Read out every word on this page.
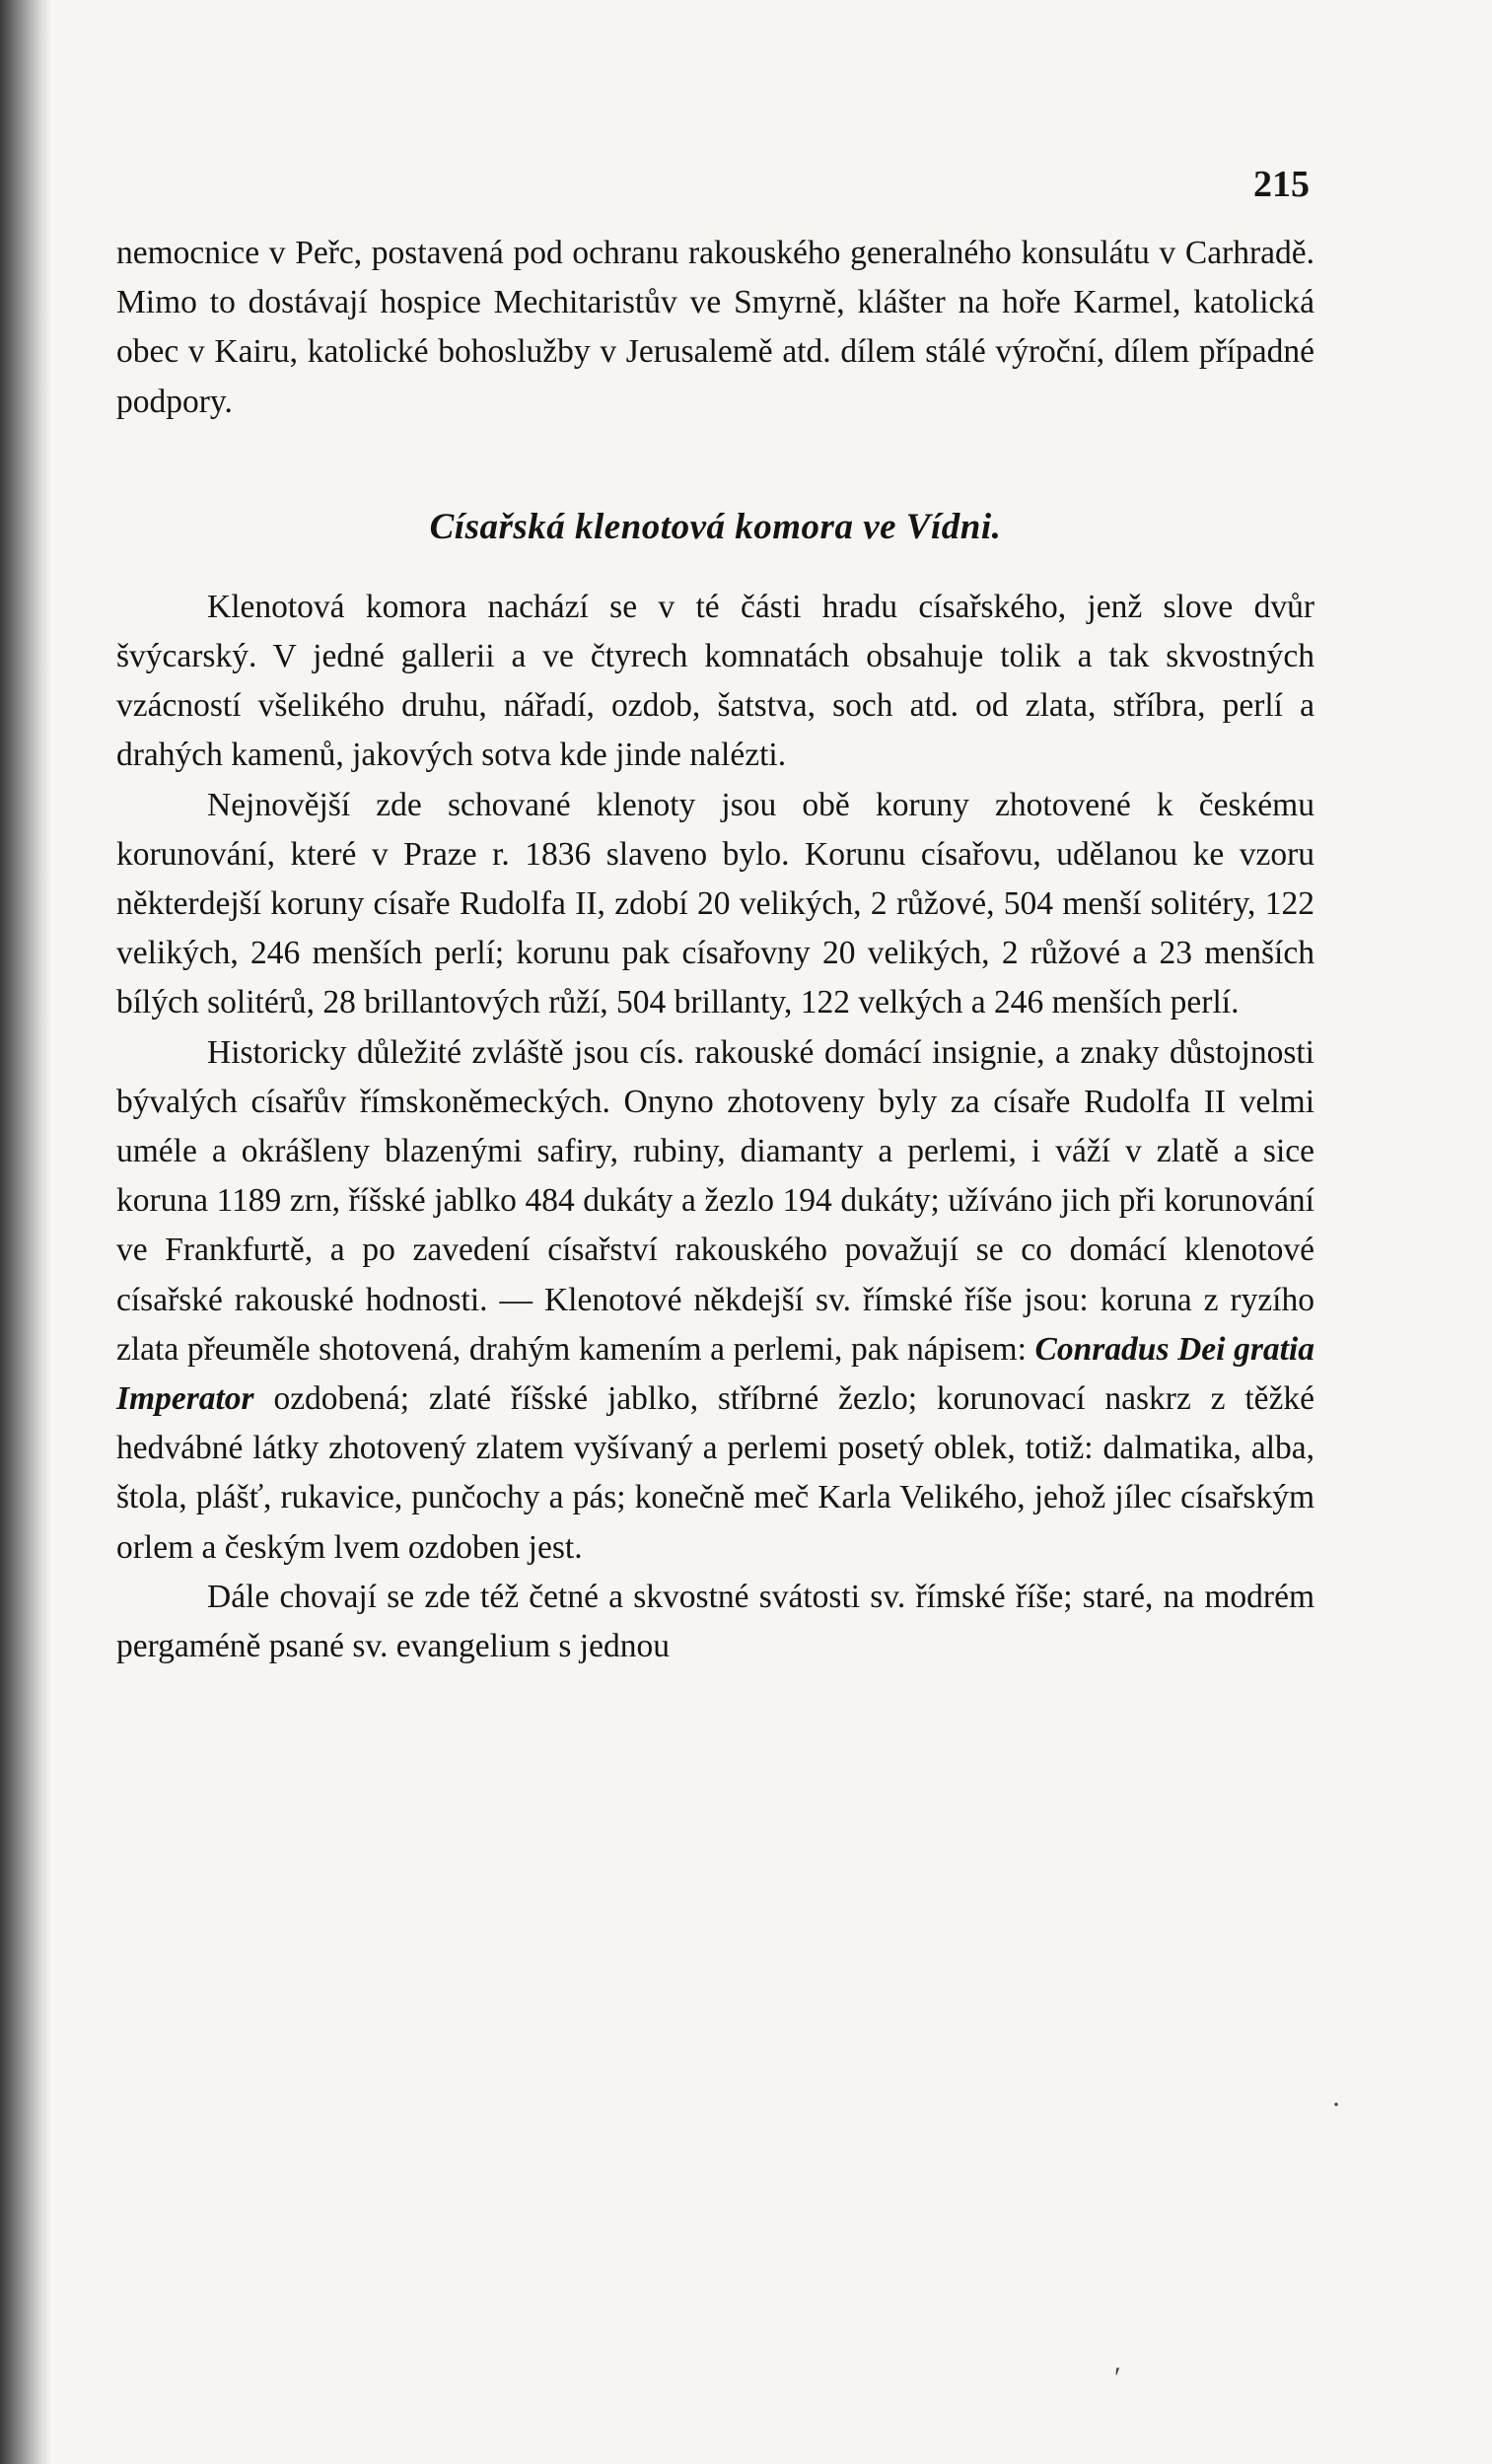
215

nemocnice v Peřc, postavená pod ochranu rakouského generalného konsulátu v Carhradě. Mimo to dostávají hospice Mechitaristův ve Smyrně, klášter na hoře Karmel, katolická obec v Kairu, katolické bohoslužby v Jerusalemě atd. dílem stálé výroční, dílem případné podpory.

Císařská klenotová komora ve Vídni.

Klenotová komora nachází se v té části hradu císařského, jenž slove dvůr švýcarský. V jedné gallerii a ve čtyrech komnatách obsahuje tolik a tak skvostných vzácností všelikého druhu, nářadí, ozdob, šatstva, soch atd. od zlata, stříbra, perlí a drahých kamenů, jakových sotva kde jinde nalézti.

Nejnovější zde schované klenoty jsou obě koruny zhotovené k českému korunování, které v Praze r. 1836 slaveno bylo. Korunu císařovu, udělanou ke vzoru některdejší koruny císaře Rudolfa II, zdobí 20 velikých, 2 růžové, 504 menší solitéry, 122 velikých, 246 menších perlí; korunu pak císařovny 20 velikých, 2 růžové a 23 menších bílých solitérů, 28 brillantových růží, 504 brillanty, 122 velkých a 246 menších perlí.

Historicky důležité zvláště jsou cís. rakouské domácí insignie, a znaky důstojnosti bývalých císařův římskoněmeckých. Onyno zhotoveny byly za císaře Rudolfa II velmi uméle a okrášleny blazenými safiry, rubiny, diamanty a perlemi, i váží v zlatě a sice koruna 1189 zrn, říšské jablko 484 dukáty a žezlo 194 dukáty; užíváno jich při korunování ve Frankfurtě, a po zavedení císařství rakouského považují se co domácí klenotové císařské rakouské hodnosti. — Klenotové někdejší sv. římské říše jsou: koruna z ryzího zlata přeuměle shotovená, drahým kamením a perlemi, pak nápisem: Conradus Dei gratia Imperator ozdobená; zlaté říšské jablko, stříbrné žezlo; korunovací naskrz z těžké hedvábné látky zhotovený zlatem vyšívaný a perlemi posetý oblek, totiž: dalmatika, alba, štola, plášť, rukavice, punčochy a pás; konečně meč Karla Velikého, jehož jílec císařským orlem a českým lvem ozdoben jest.

Dále chovají se zde též četné a skvostné svátosti sv. římské říše; staré, na modrém pergaméně psané sv. evangelium s jednou

·
ʹ
